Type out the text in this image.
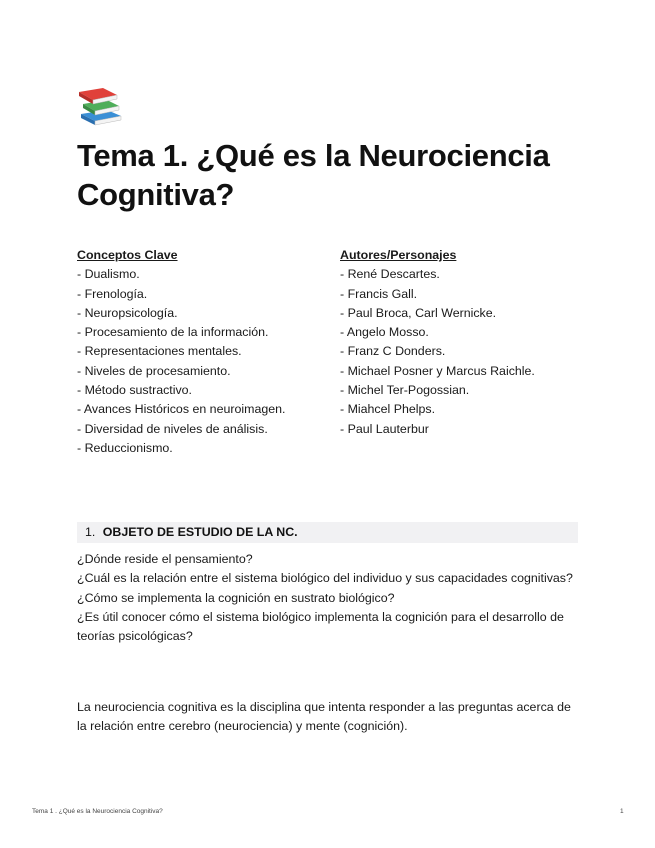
Tema 1. ¿Qué es la Neurociencia Cognitiva?
Conceptos Clave
- Dualismo.
- Frenología.
- Neuropsicología.
- Procesamiento de la información.
- Representaciones mentales.
- Niveles de procesamiento.
- Método sustractivo.
- Avances Históricos en neuroimagen.
- Diversidad de niveles de análisis.
- Reduccionismo.
Autores/Personajes
- René Descartes.
- Francis Gall.
- Paul Broca, Carl Wernicke.
- Angelo Mosso.
- Franz C Donders.
- Michael Posner y Marcus Raichle.
- Michel Ter-Pogossian.
- Miahcel Phelps.
- Paul Lauterbur
1. OBJETO DE ESTUDIO DE LA NC.

¿Dónde reside el pensamiento?

¿Cuál es la relación entre el sistema biológico del individuo y sus capacidades cognitivas?

¿Cómo se implementa la cognición en sustrato biológico?

¿Es útil conocer cómo el sistema biológico implementa la cognición para el desarrollo de teorías psicológicas?

La neurociencia cognitiva es la disciplina que intenta responder a las preguntas acerca de la relación entre cerebro (neurociencia) y mente (cognición).

Tema 1 . ¿Qué es la Neurociencia Cognitiva?	1
